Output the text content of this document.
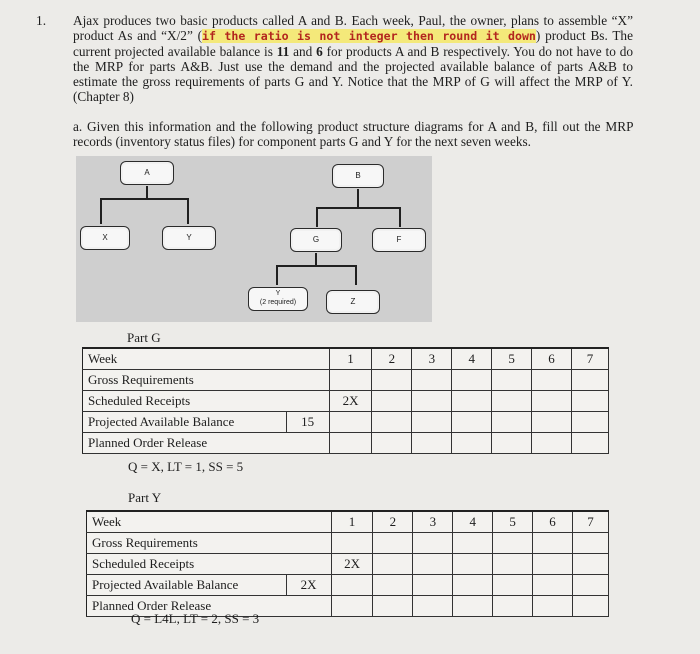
1. Ajax produces two basic products called A and B. Each week, Paul, the owner, plans to assemble “X” product As and “X/2” (if the ratio is not integer then round it down) product Bs. The current projected available balance is 11 and 6 for products A and B respectively. You do not have to do the MRP for parts A&B. Just use the demand and the projected available balance of parts A&B to estimate the gross requirements of parts G and Y. Notice that the MRP of G will affect the MRP of Y. (Chapter 8)
a. Given this information and the following product structure diagrams for A and B, fill out the MRP records (inventory status files) for component parts G and Y for the next seven weeks.
A
X	Y
B
G	F
Y
(2 required)	Z
Part G
Week		1	2	3	4	5	6	7
Gross Requirements								
Scheduled Receipts		2X						
Projected Available Balance	15							
Planned Order Release								
Q = X, LT = 1, SS = 5
Part Y
Week		1	2	3	4	5	6	7
Gross Requirements								
Scheduled Receipts		2X						
Projected Available Balance	2X							
Planned Order Release								
Q = L4L, LT = 2, SS = 3
